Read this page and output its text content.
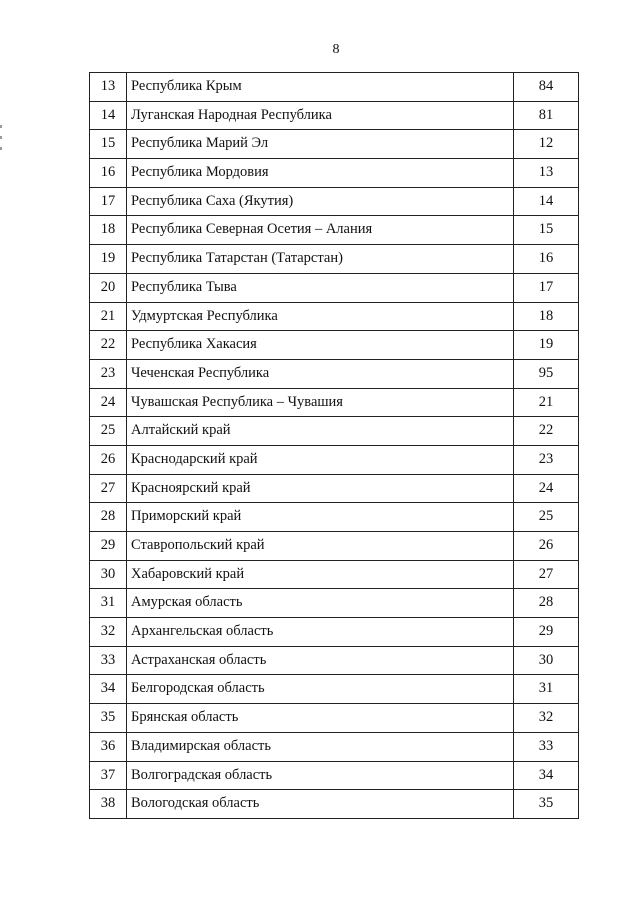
8
13	Республика Крым	84
14	Луганская Народная Республика	81
15	Республика Марий Эл	12
16	Республика Мордовия	13
17	Республика Саха (Якутия)	14
18	Республика Северная Осетия – Алания	15
19	Республика Татарстан (Татарстан)	16
20	Республика Тыва	17
21	Удмуртская Республика	18
22	Республика Хакасия	19
23	Чеченская Республика	95
24	Чувашская Республика – Чувашия	21
25	Алтайский край	22
26	Краснодарский край	23
27	Красноярский край	24
28	Приморский край	25
29	Ставропольский край	26
30	Хабаровский край	27
31	Амурская область	28
32	Архангельская область	29
33	Астраханская область	30
34	Белгородская область	31
35	Брянская область	32
36	Владимирская область	33
37	Волгоградская область	34
38	Вологодская область	35
